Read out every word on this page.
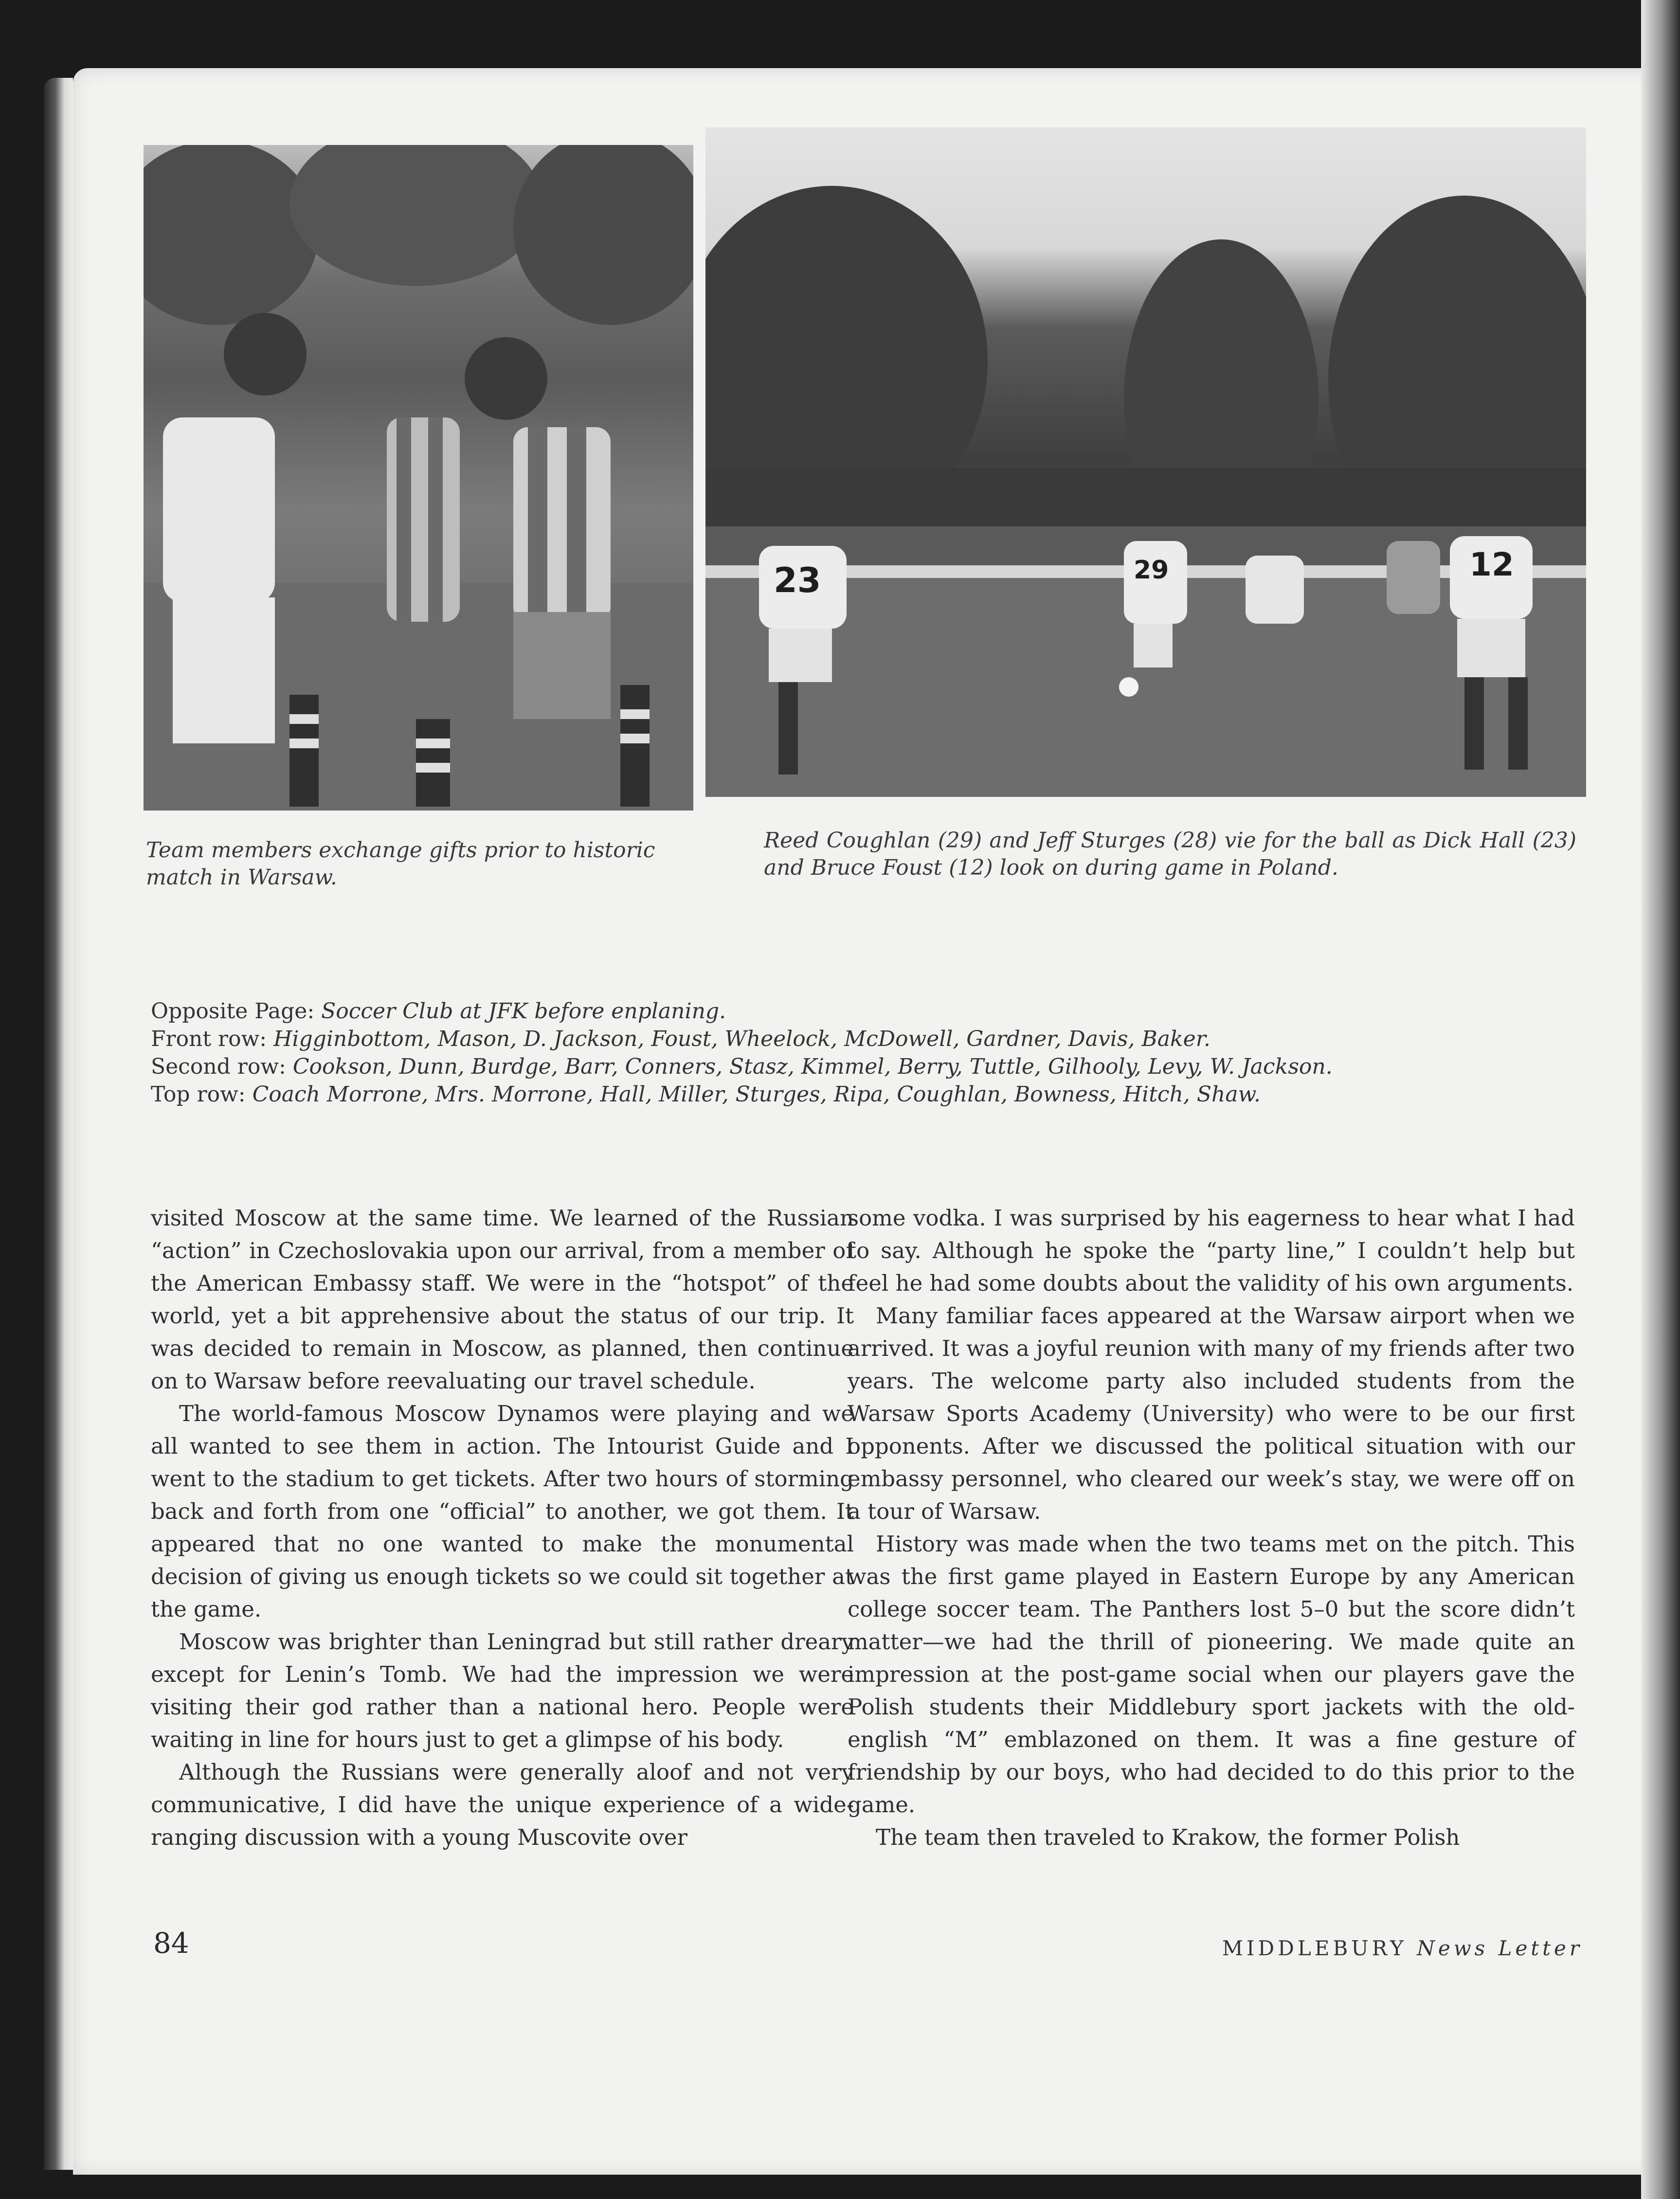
23	29	12
Team members exchange gifts prior to historic match in Warsaw.
Reed Coughlan (29) and Jeff Sturges (28) vie for the ball as Dick Hall (23) and Bruce Foust (12) look on during game in Poland.
Opposite Page: Soccer Club at JFK before enplaning.
Front row: Higginbottom, Mason, D. Jackson, Foust, Wheelock, McDowell, Gardner, Davis, Baker.
Second row: Cookson, Dunn, Burdge, Barr, Conners, Stasz, Kimmel, Berry, Tuttle, Gilhooly, Levy, W. Jackson.
Top row: Coach Morrone, Mrs. Morrone, Hall, Miller, Sturges, Ripa, Coughlan, Bowness, Hitch, Shaw.

visited Moscow at the same time. We learned of the Russian “action” in Czechoslovakia upon our arrival, from a member of the American Embassy staff. We were in the “hotspot” of the world, yet a bit apprehensive about the status of our trip. It was decided to remain in Moscow, as planned, then continue on to Warsaw before reevaluating our travel schedule.

The world-famous Moscow Dynamos were playing and we all wanted to see them in action. The Intourist Guide and I went to the stadium to get tickets. After two hours of storming back and forth from one “official” to another, we got them. It appeared that no one wanted to make the monumental decision of giving us enough tickets so we could sit together at the game.

Moscow was brighter than Leningrad but still rather dreary except for Lenin’s Tomb. We had the impression we were visiting their god rather than a national hero. People were waiting in line for hours just to get a glimpse of his body.

Although the Russians were generally aloof and not very communicative, I did have the unique experience of a wide-ranging discussion with a young Muscovite over

some vodka. I was surprised by his eagerness to hear what I had to say. Although he spoke the “party line,” I couldn’t help but feel he had some doubts about the validity of his own arguments.

Many familiar faces appeared at the Warsaw airport when we arrived. It was a joyful reunion with many of my friends after two years. The welcome party also included students from the Warsaw Sports Academy (University) who were to be our first opponents. After we discussed the political situation with our embassy personnel, who cleared our week’s stay, we were off on a tour of Warsaw.

History was made when the two teams met on the pitch. This was the first game played in Eastern Europe by any American college soccer team. The Panthers lost 5–0 but the score didn’t matter—we had the thrill of pioneering. We made quite an impression at the post-game social when our players gave the Polish students their Middlebury sport jackets with the old-english “M” emblazoned on them. It was a fine gesture of friendship by our boys, who had decided to do this prior to the game.

The team then traveled to Krakow, the former Polish

84	MIDDLEBURY News Letter
